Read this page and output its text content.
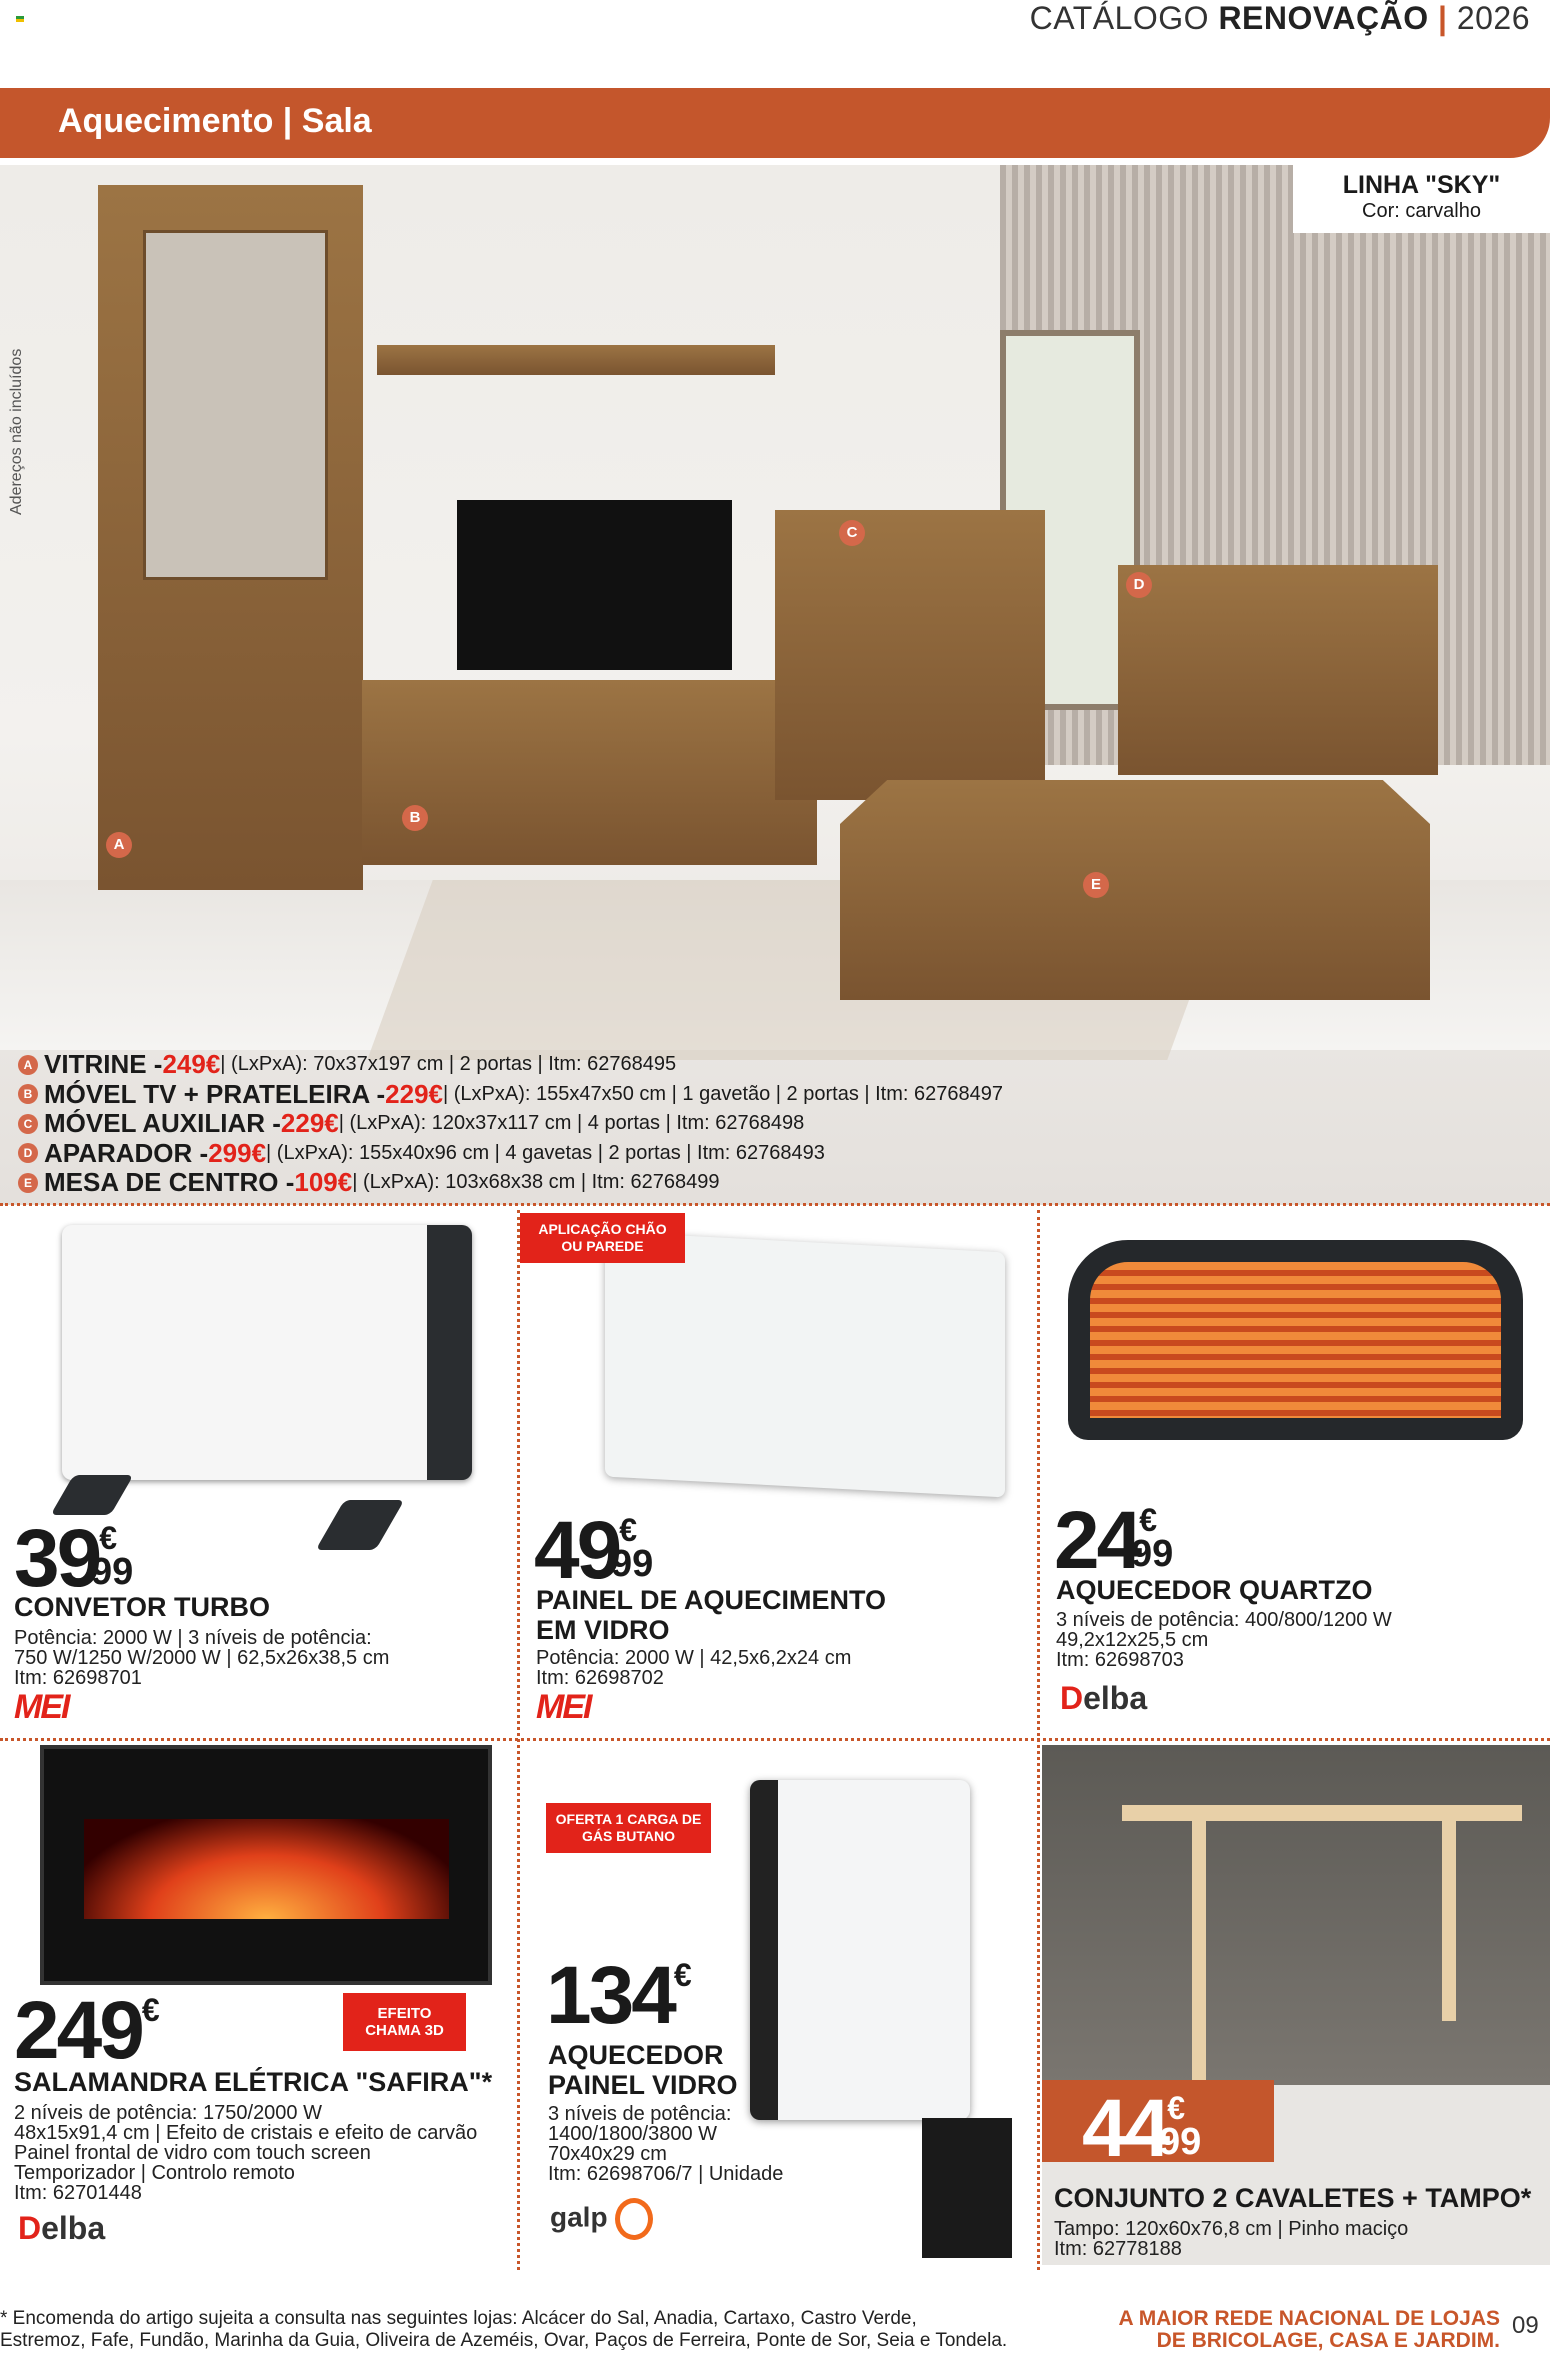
CATÁLOGO RENOVAÇÃO | 2026
Aquecimento | Sala
A
B
C
D
E
Adereços não incluídos
LINHA "SKY"
Cor: carvalho
A VITRINE - 249€ | (LxPxA): 70x37x197 cm | 2 portas | Itm: 62768495
B MÓVEL TV + PRATELEIRA - 229€ | (LxPxA): 155x47x50 cm | 1 gavetão | 2 portas | Itm: 62768497
C MÓVEL AUXILIAR - 229€ | (LxPxA): 120x37x117 cm | 4 portas | Itm: 62768498
D APARADOR - 299€ | (LxPxA): 155x40x96 cm | 4 gavetas | 2 portas | Itm: 62768493
E MESA DE CENTRO - 109€ | (LxPxA): 103x68x38 cm | Itm: 62768499
$39^€_{99}$
CONVETOR TURBO
Potência: 2000 W | 3 níveis de potência:
750 W/1250 W/2000 W | 62,5x26x38,5 cm
Itm: 62698701
MEI
APLICAÇÃO CHÃO OU PAREDE
$49^€_{99}$
PAINEL DE AQUECIMENTO EM VIDRO
Potência: 2000 W | 42,5x6,2x24 cm
Itm: 62698702
MEI
$24^€_{99}$
AQUECEDOR QUARTZO
3 níveis de potência: 400/800/1200 W
49,2x12x25,5 cm
Itm: 62698703
Delba
EFEITO CHAMA 3D
249€
SALAMANDRA ELÉTRICA "SAFIRA"*
2 níveis de potência: 1750/2000 W
48x15x91,4 cm | Efeito de cristais e efeito de carvão
Painel frontal de vidro com touch screen
Temporizador | Controlo remoto
Itm: 62701448
Delba
OFERTA 1 CARGA DE GÁS BUTANO
134€
AQUECEDOR PAINEL VIDRO
3 níveis de potência:
1400/1800/3800 W
70x40x29 cm
Itm: 62698706/7 | Unidade
galp
$44^€_{99}$
CONJUNTO 2 CAVALETES + TAMPO*
Tampo: 120x60x76,8 cm | Pinho maciço
Itm: 62778188
* Encomenda do artigo sujeita a consulta nas seguintes lojas: Alcácer do Sal, Anadia, Cartaxo, Castro Verde,
Estremoz, Fafe, Fundão, Marinha da Guia, Oliveira de Azeméis, Ovar, Paços de Ferreira, Ponte de Sor, Seia e Tondela.
A MAIOR REDE NACIONAL DE LOJAS
DE BRICOLAGE, CASA E JARDIM.
09
